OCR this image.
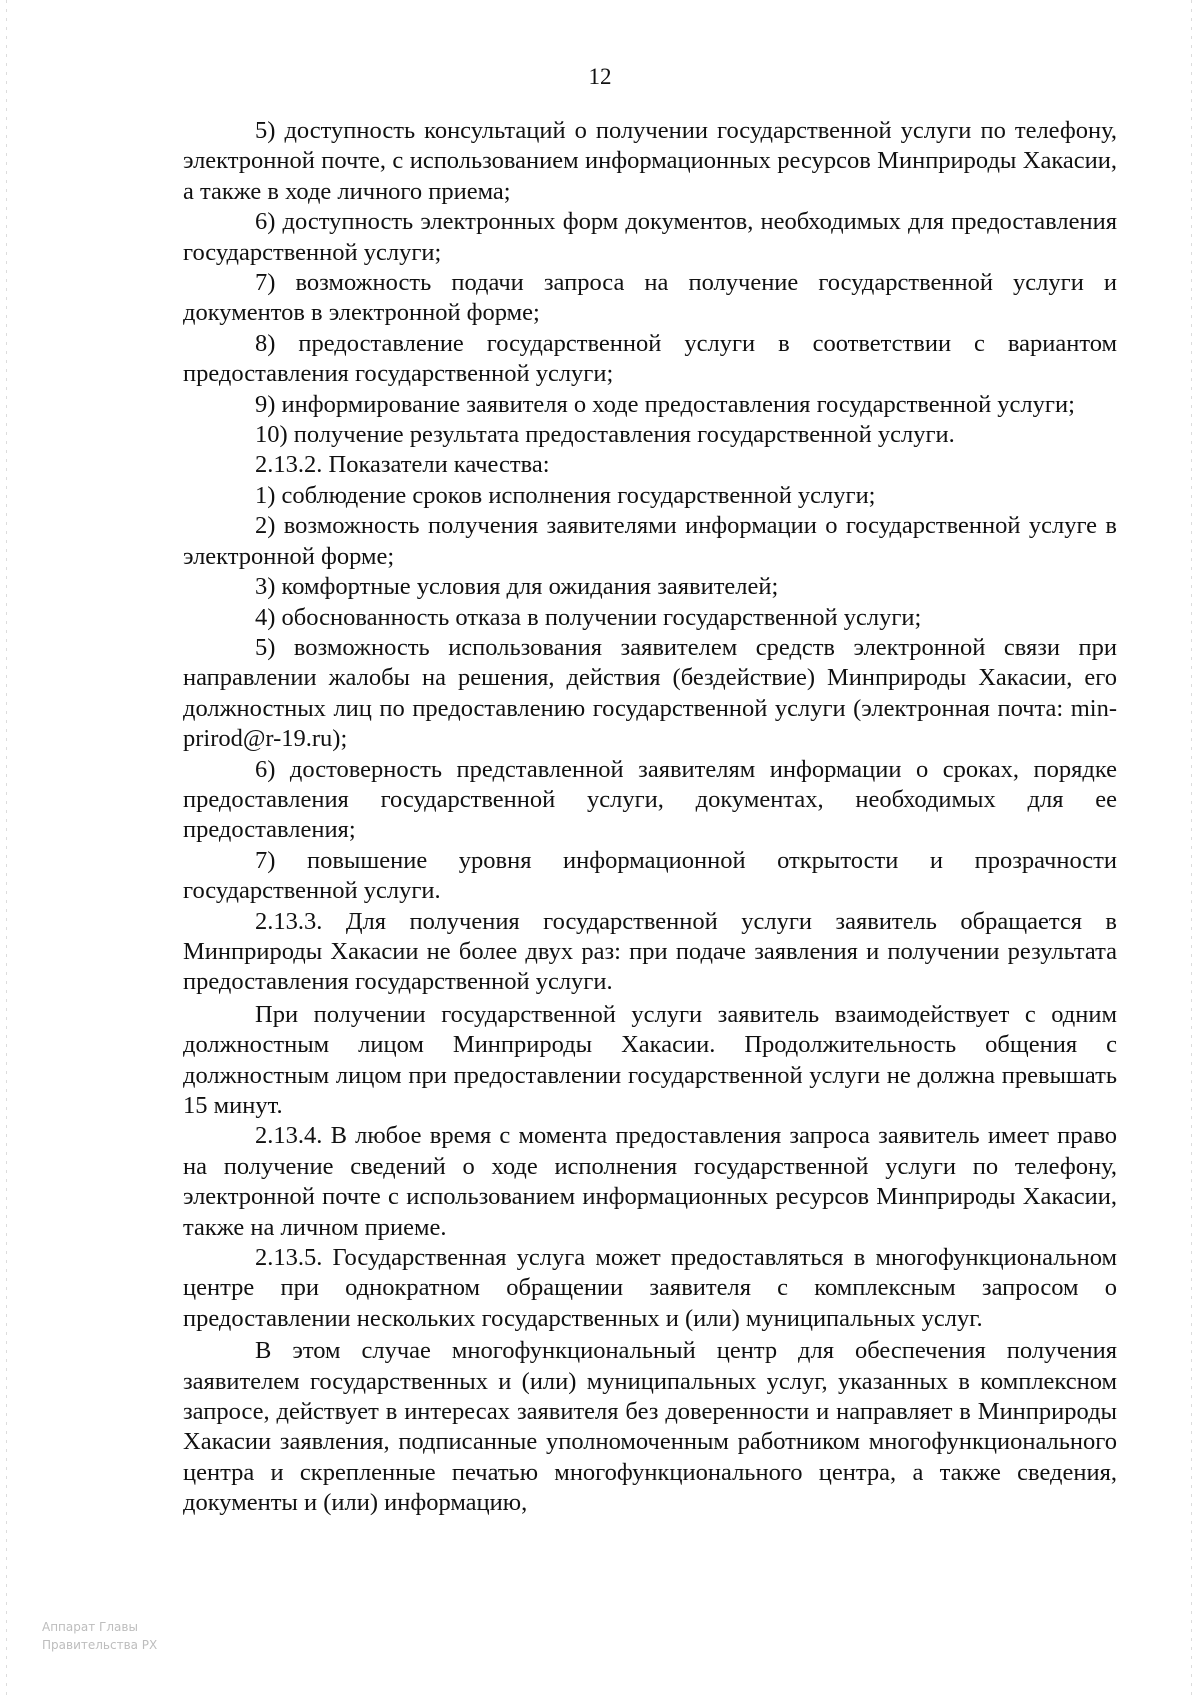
12

5) доступность консультаций о получении государственной услуги по телефону, электронной почте, с использованием информационных ресурсов Минприроды Хакасии, а также в ходе личного приема;

6) доступность электронных форм документов, необходимых для предоставления государственной услуги;

7) возможность подачи запроса на получение государственной услуги и документов в электронной форме;

8) предоставление государственной услуги в соответствии с вариантом предоставления государственной услуги;

9) информирование заявителя о ходе предоставления государственной услуги;

10) получение результата предоставления государственной услуги.

2.13.2. Показатели качества:

1) соблюдение сроков исполнения государственной услуги;

2) возможность получения заявителями информации о государственной услуге в электронной форме;

3) комфортные условия для ожидания заявителей;

4) обоснованность отказа в получении государственной услуги;

5) возможность использования заявителем средств электронной связи при направлении жалобы на решения, действия (бездействие) Минприроды Хакасии, его должностных лиц по предоставлению государственной услуги (электронная почта: min-prirod@r-19.ru);

6) достоверность представленной заявителям информации о сроках, порядке предоставления государственной услуги, документах, необходимых для ее предоставления;

7) повышение уровня информационной открытости и прозрачности государственной услуги.

2.13.3. Для получения государственной услуги заявитель обращается в Минприроды Хакасии не более двух раз: при подаче заявления и получении результата предоставления государственной услуги.

При получении государственной услуги заявитель взаимодействует с одним должностным лицом Минприроды Хакасии. Продолжительность общения с должностным лицом при предоставлении государственной услуги не должна превышать 15 минут.

2.13.4. В любое время с момента предоставления запроса заявитель имеет право на получение сведений о ходе исполнения государственной услуги по телефону, электронной почте с использованием информационных ресурсов Минприроды Хакасии, также на личном приеме.

2.13.5. Государственная услуга может предоставляться в многофункциональном центре при однократном обращении заявителя с комплексным запросом о предоставлении нескольких государственных и (или) муниципальных услуг.

В этом случае многофункциональный центр для обеспечения получения заявителем государственных и (или) муниципальных услуг, указанных в комплексном запросе, действует в интересах заявителя без доверенности и направляет в Минприроды Хакасии заявления, подписанные уполномоченным работником многофункционального центра и скрепленные печатью многофункционального центра, а также сведения, документы и (или) информацию,

Аппарат Главы
Правительства РХ
